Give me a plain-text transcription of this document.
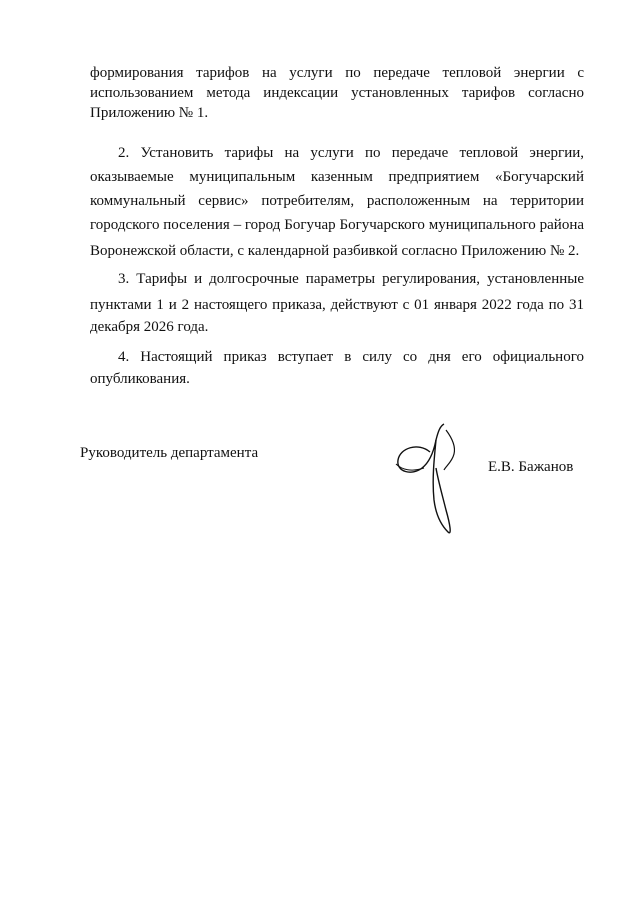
формирования тарифов на услуги по передаче тепловой энергии с
использованием метода индексации установленных тарифов согласно
Приложению № 1.
2. Установить тарифы на услуги по передаче тепловой энергии,
оказываемые муниципальным казенным предприятием «Богучарский
коммунальный сервис» потребителям, расположенным на территории
городского поселения – город Богучар Богучарского муниципального района
Воронежской области, с календарной разбивкой согласно Приложению № 2.
3. Тарифы и долгосрочные параметры регулирования, установленные
пунктами 1 и 2 настоящего приказа, действуют с 01 января 2022 года по 31
декабря 2026 года.
4. Настоящий приказ вступает в силу со дня его официального
опубликования.
Руководитель департамента
Е.В. Бажанов
